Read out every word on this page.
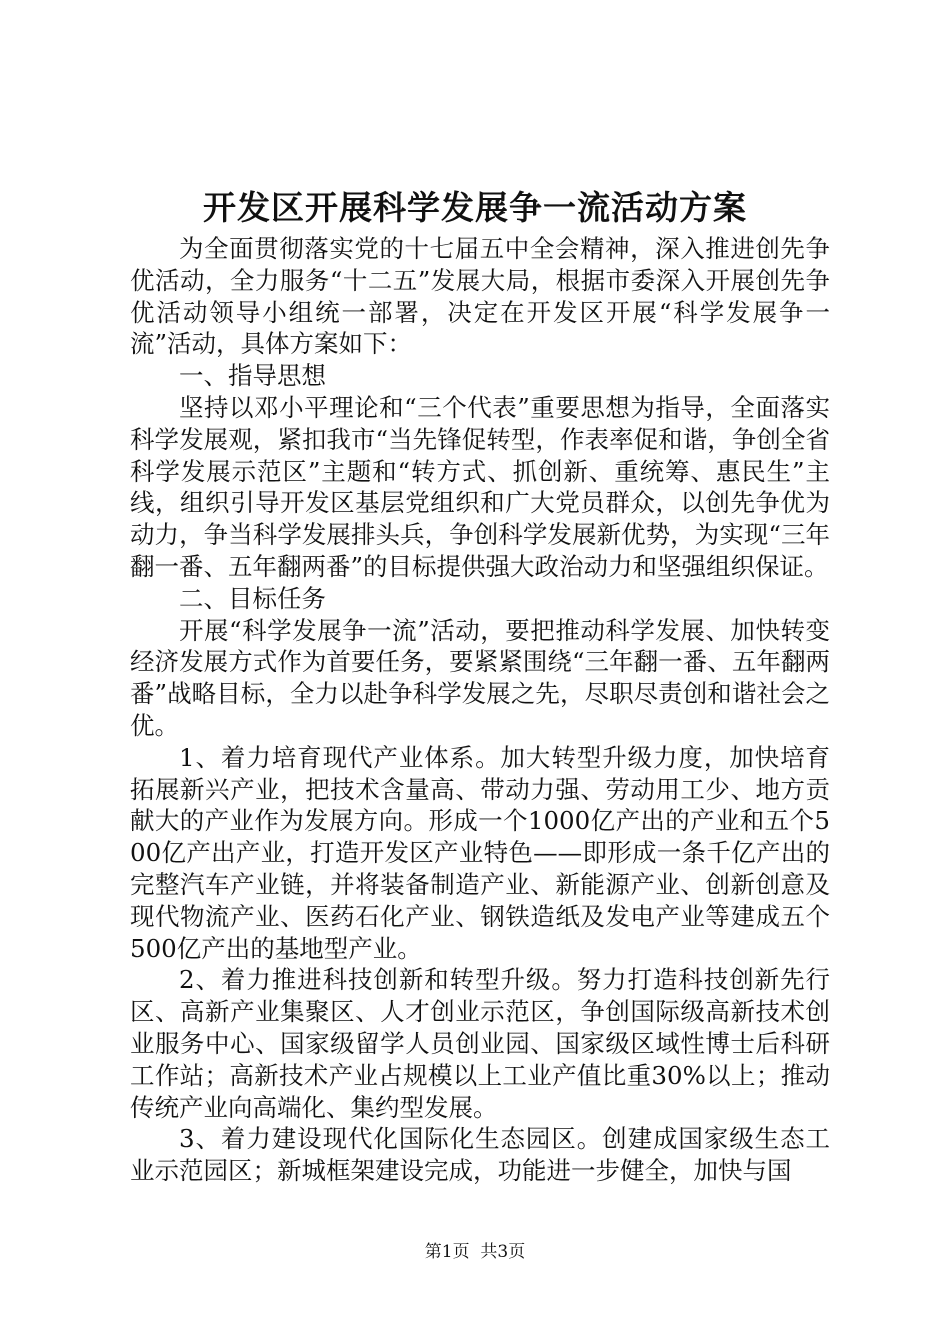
开发区开展科学发展争一流活动方案

为全面贯彻落实党的十七届五中全会精神，深入推进创先争优活动，全力服务“十二五”发展大局，根据市委深入开展创先争优活动领导小组统一部署，决定在开发区开展“科学发展争一流”活动，具体方案如下：

一、指导思想

坚持以邓小平理论和“三个代表”重要思想为指导，全面落实科学发展观，紧扣我市“当先锋促转型，作表率促和谐，争创全省科学发展示范区”主题和“转方式、抓创新、重统筹、惠民生”主线，组织引导开发区基层党组织和广大党员群众，以创先争优为动力，争当科学发展排头兵，争创科学发展新优势，为实现“三年翻一番、五年翻两番”的目标提供强大政治动力和坚强组织保证。

二、目标任务

开展“科学发展争一流”活动，要把推动科学发展、加快转变经济发展方式作为首要任务，要紧紧围绕“三年翻一番、五年翻两番”战略目标，全力以赴争科学发展之先，尽职尽责创和谐社会之优。

1、着力培育现代产业体系。加大转型升级力度，加快培育拓展新兴产业，把技术含量高、带动力强、劳动用工少、地方贡献大的产业作为发展方向。形成一个1000亿产出的产业和五个500亿产出产业，打造开发区产业特色——即形成一条千亿产出的完整汽车产业链，并将装备制造产业、新能源产业、创新创意及现代物流产业、医药石化产业、钢铁造纸及发电产业等建成五个500亿产出的基地型产业。

2、着力推进科技创新和转型升级。努力打造科技创新先行区、高新产业集聚区、人才创业示范区，争创国际级高新技术创业服务中心、国家级留学人员创业园、国家级区域性博士后科研工作站；高新技术产业占规模以上工业产值比重30%以上；推动传统产业向高端化、集约型发展。

3、着力建设现代化国际化生态园区。创建成国家级生态工业示范园区；新城框架建设完成，功能进一步健全，加快与国

第1页 共3页
